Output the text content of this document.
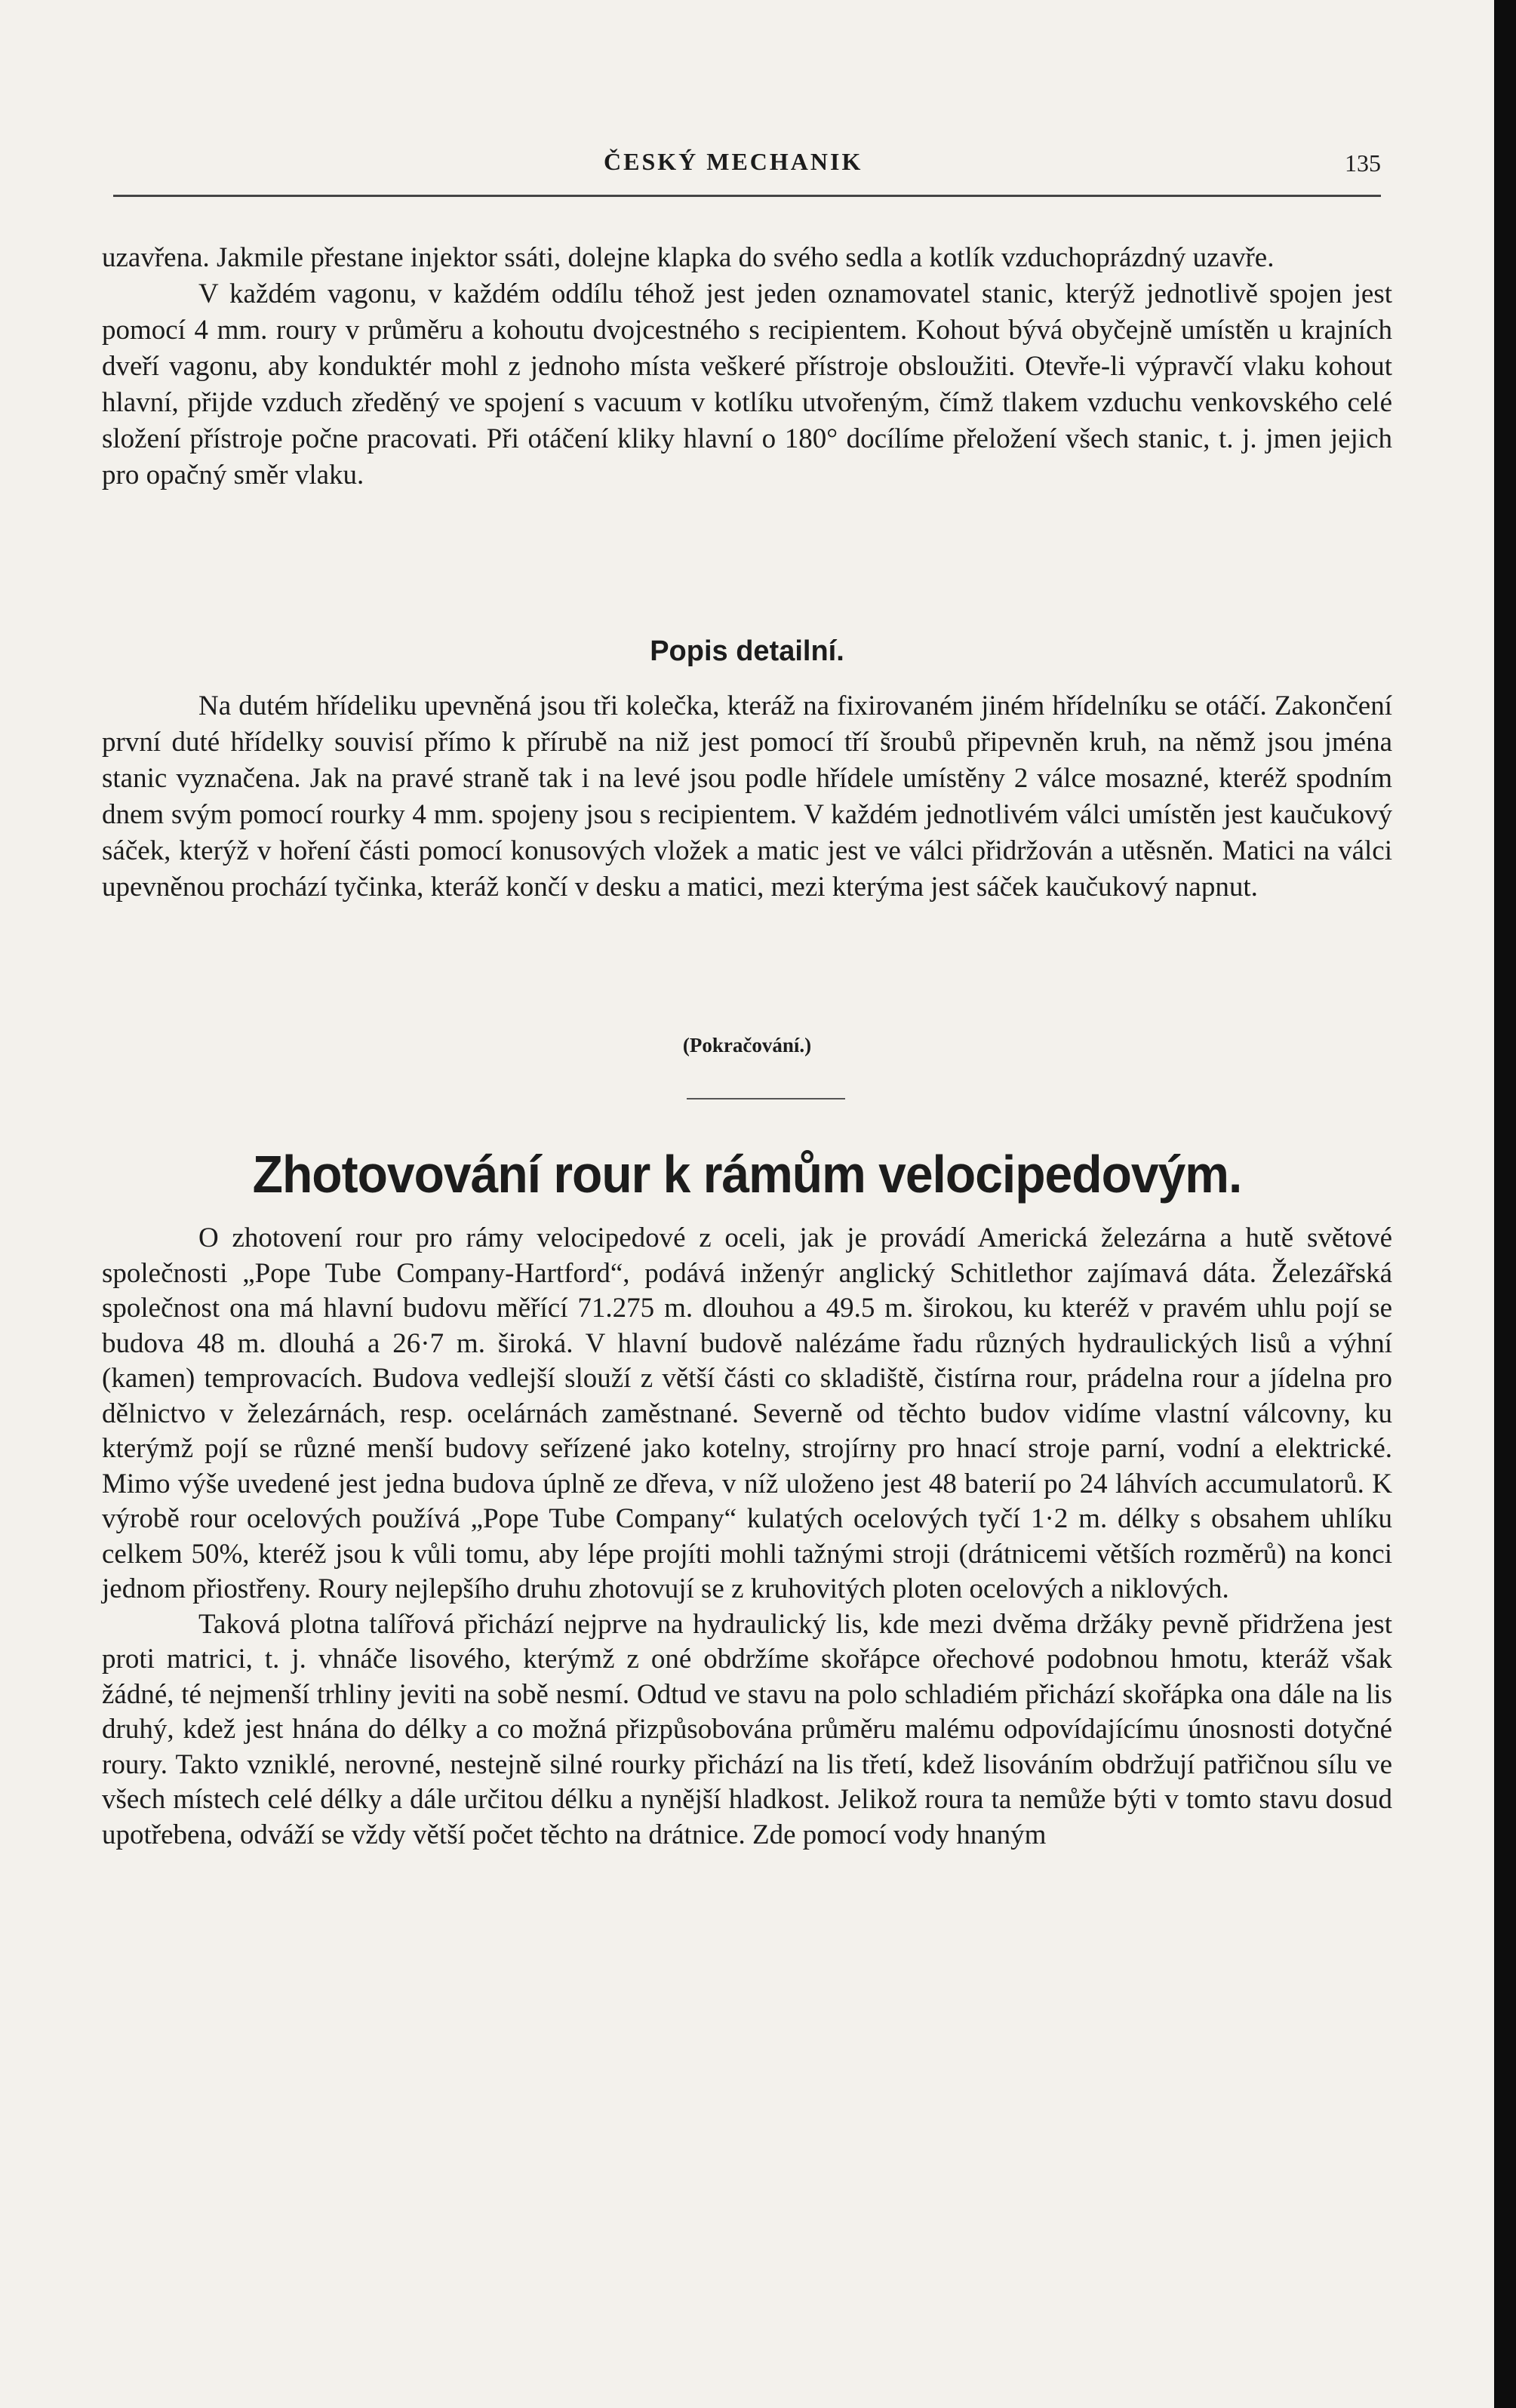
ČESKÝ MECHANIK	135

uzavřena. Jakmile přestane injektor ssáti, dolejne klapka do svého sedla a kotlík vzduchoprázdný uzavře.

V každém vagonu, v každém oddílu téhož jest jeden oznamovatel stanic, kterýž jednotlivě spojen jest pomocí 4 mm. roury v průměru a kohoutu dvojcestného s recipientem. Kohout bývá obyčejně umístěn u krajních dveří vagonu, aby konduktér mohl z jednoho místa veškeré přístroje obsloužiti. Otevře-li výpravčí vlaku kohout hlavní, přijde vzduch zředěný ve spojení s vacuum v kotlíku utvořeným, čímž tlakem vzduchu venkovského celé složení přístroje počne pracovati. Při otáčení kliky hlavní o 180° docílíme přeložení všech stanic, t. j. jmen jejich pro opačný směr vlaku.

Popis detailní.

Na dutém hřídeliku upevněná jsou tři kolečka, kteráž na fixirovaném jiném hřídelníku se otáčí. Zakončení první duté hřídelky souvisí přímo k přírubě na niž jest pomocí tří šroubů připevněn kruh, na němž jsou jména stanic vyznačena. Jak na pravé straně tak i na levé jsou podle hřídele umístěny 2 válce mosazné, kteréž spodním dnem svým pomocí rourky 4 mm. spojeny jsou s recipientem. V každém jednotlivém válci umístěn jest kaučukový sáček, kterýž v hoření části pomocí konusových vložek a matic jest ve válci přidržován a utěsněn. Matici na válci upevněnou prochází tyčinka, kteráž končí v desku a matici, mezi kterýma jest sáček kaučukový napnut.

(Pokračování.)
Zhotovování rour k rámům velocipedovým.

O zhotovení rour pro rámy velocipedové z oceli, jak je provádí Americká železárna a hutě světové společnosti „Pope Tube Company-Hartford“, podává inženýr anglický Schitlethor zajímavá dáta. Železářská společnost ona má hlavní budovu měřící 71.275 m. dlouhou a 49.5 m. širokou, ku kteréž v pravém uhlu pojí se budova 48 m. dlouhá a 26·7 m. široká. V hlavní budově nalézáme řadu různých hydraulických lisů a výhní (kamen) temprovacích. Budova vedlejší slouží z větší části co skladiště, čistírna rour, prádelna rour a jídelna pro dělnictvo v železárnách, resp. ocelárnách zaměstnané. Severně od těchto budov vidíme vlastní válcovny, ku kterýmž pojí se různé menší budovy seřízené jako kotelny, strojírny pro hnací stroje parní, vodní a elektrické. Mimo výše uvedené jest jedna budova úplně ze dřeva, v níž uloženo jest 48 baterií po 24 láhvích accumulatorů. K výrobě rour ocelových používá „Pope Tube Company“ kulatých ocelových tyčí 1·2 m. délky s obsahem uhlíku celkem 50%, kteréž jsou k vůli tomu, aby lépe projíti mohli tažnými stroji (drátnicemi větších rozměrů) na konci jednom přiostřeny. Roury nejlepšího druhu zhotovují se z kruhovitých ploten ocelových a niklových.

Taková plotna talířová přichází nejprve na hydraulický lis, kde mezi dvěma držáky pevně přidržena jest proti matrici, t. j. vhnáče lisového, kterýmž z oné obdržíme skořápce ořechové podobnou hmotu, kteráž však žádné, té nejmenší trhliny jeviti na sobě nesmí. Odtud ve stavu na polo schladiém přichází skořápka ona dále na lis druhý, kdež jest hnána do délky a co možná přizpůsobována průměru malému odpovídajícímu únosnosti dotyčné roury. Takto vzniklé, nerovné, nestejně silné rourky přichází na lis třetí, kdež lisováním obdržují patřičnou sílu ve všech místech celé délky a dále určitou délku a nynější hladkost. Jelikož roura ta nemůže býti v tomto stavu dosud upotřebena, odváží se vždy větší počet těchto na drátnice. Zde pomocí vody hnaným
